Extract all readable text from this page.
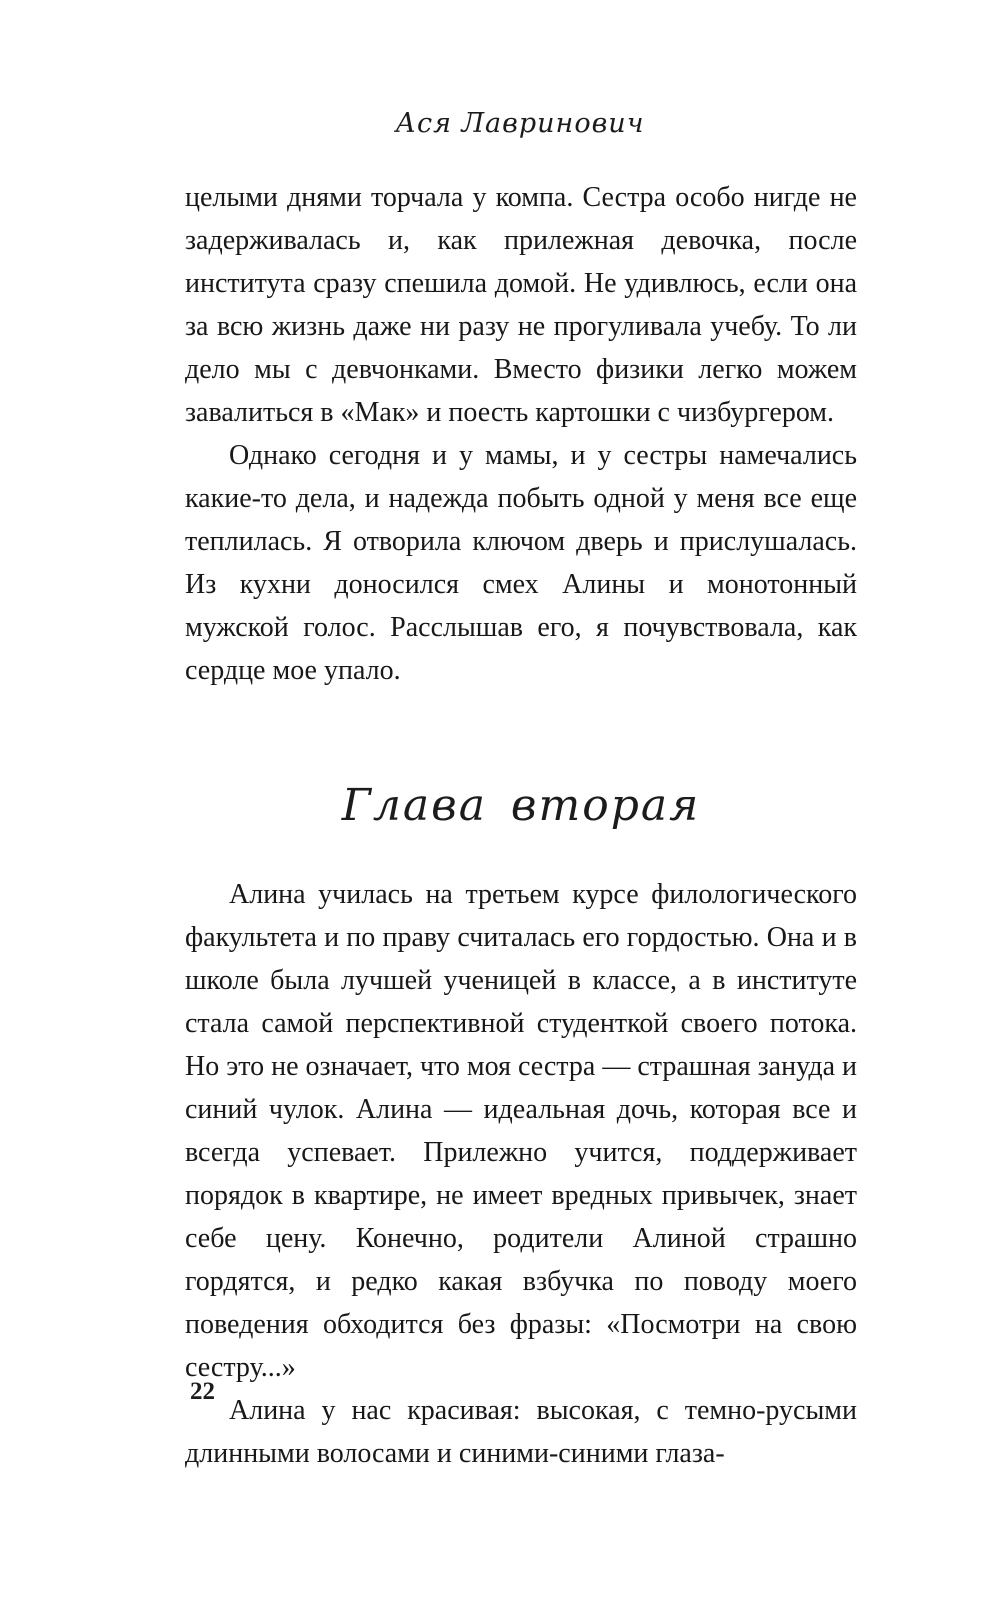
Ася Лавринович

целыми днями торчала у компа. Сестра особо нигде не задерживалась и, как прилежная девочка, после института сразу спешила домой. Не удивлюсь, если она за всю жизнь даже ни разу не прогуливала учебу. То ли дело мы с девчонками. Вместо физики легко можем завалиться в «Мак» и поесть картошки с чизбургером.

Однако сегодня и у мамы, и у сестры намечались какие-то дела, и надежда побыть одной у меня все еще теплилась. Я отворила ключом дверь и прислушалась. Из кухни доносился смех Алины и монотонный мужской голос. Расслышав его, я почувствовала, как сердце мое упало.

Глава вторая

Алина училась на третьем курсе филологического факультета и по праву считалась его гордостью. Она и в школе была лучшей ученицей в классе, а в институте стала самой перспективной студенткой своего потока. Но это не означает, что моя сестра — страшная зануда и синий чулок. Алина — идеальная дочь, которая все и всегда успевает. Прилежно учится, поддерживает порядок в квартире, не имеет вредных привычек, знает себе цену. Конечно, родители Алиной страшно гордятся, и редко какая взбучка по поводу моего поведения обходится без фразы: «Посмотри на свою сестру...»

Алина у нас красивая: высокая, с темно-русыми длинными волосами и синими-синими глаза-

22
